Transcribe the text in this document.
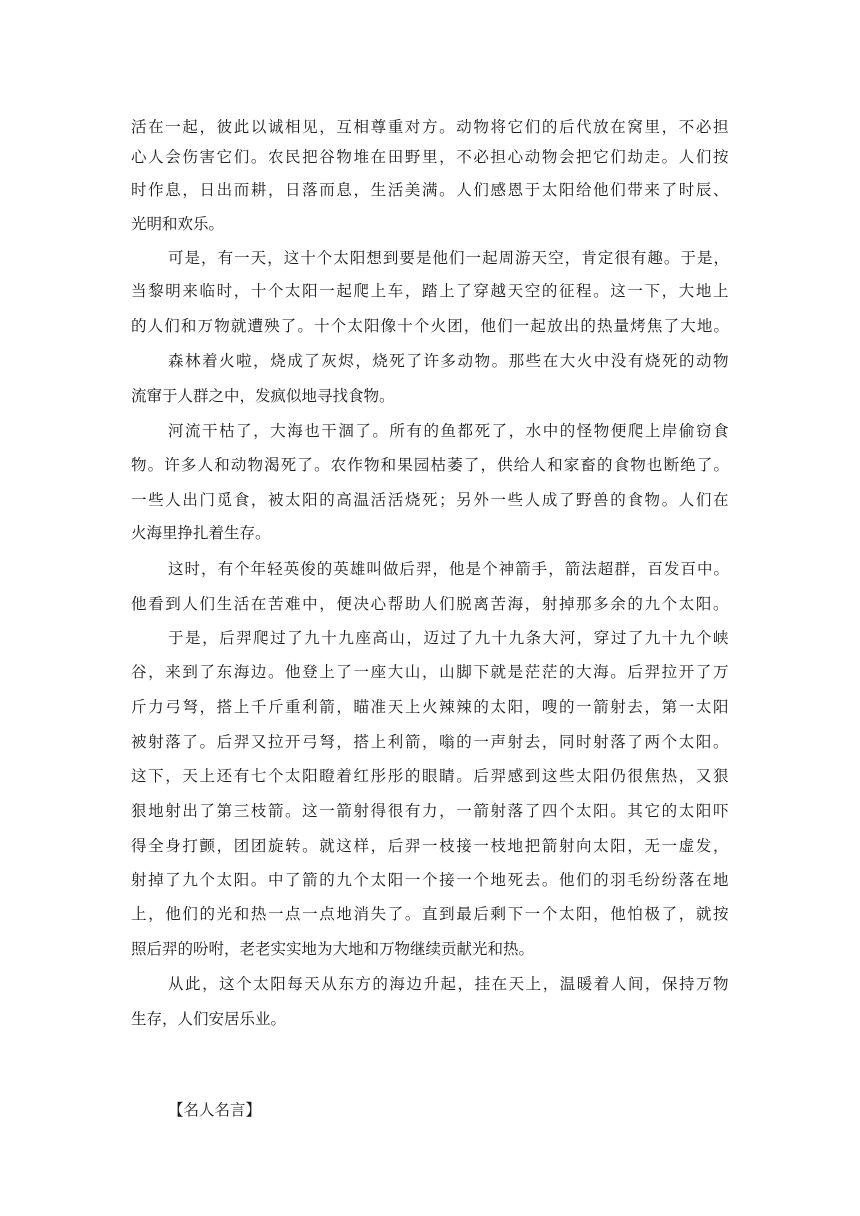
活在一起，彼此以诚相见，互相尊重对方。动物将它们的后代放在窝里，不必担
心人会伤害它们。农民把谷物堆在田野里，不必担心动物会把它们劫走。人们按
时作息，日出而耕，日落而息，生活美满。人们感恩于太阳给他们带来了时辰、
光明和欢乐。
可是，有一天，这十个太阳想到要是他们一起周游天空，肯定很有趣。于是，
当黎明来临时，十个太阳一起爬上车，踏上了穿越天空的征程。这一下，大地上
的人们和万物就遭殃了。十个太阳像十个火团，他们一起放出的热量烤焦了大地。
森林着火啦，烧成了灰烬，烧死了许多动物。那些在大火中没有烧死的动物
流窜于人群之中，发疯似地寻找食物。
河流干枯了，大海也干涸了。所有的鱼都死了，水中的怪物便爬上岸偷窃食
物。许多人和动物渴死了。农作物和果园枯萎了，供给人和家畜的食物也断绝了。
一些人出门觅食，被太阳的高温活活烧死；另外一些人成了野兽的食物。人们在
火海里挣扎着生存。
这时，有个年轻英俊的英雄叫做后羿，他是个神箭手，箭法超群，百发百中。
他看到人们生活在苦难中，便决心帮助人们脱离苦海，射掉那多余的九个太阳。
于是，后羿爬过了九十九座高山，迈过了九十九条大河，穿过了九十九个峡
谷，来到了东海边。他登上了一座大山，山脚下就是茫茫的大海。后羿拉开了万
斤力弓弩，搭上千斤重利箭，瞄准天上火辣辣的太阳，嗖的一箭射去，第一太阳
被射落了。后羿又拉开弓弩，搭上利箭，嗡的一声射去，同时射落了两个太阳。
这下，天上还有七个太阳瞪着红彤彤的眼睛。后羿感到这些太阳仍很焦热，又狠
狠地射出了第三枝箭。这一箭射得很有力，一箭射落了四个太阳。其它的太阳吓
得全身打颤，团团旋转。就这样，后羿一枝接一枝地把箭射向太阳，无一虚发，
射掉了九个太阳。中了箭的九个太阳一个接一个地死去。他们的羽毛纷纷落在地
上，他们的光和热一点一点地消失了。直到最后剩下一个太阳，他怕极了，就按
照后羿的吩咐，老老实实地为大地和万物继续贡献光和热。
从此，这个太阳每天从东方的海边升起，挂在天上，温暖着人间，保持万物
生存，人们安居乐业。
【名人名言】
